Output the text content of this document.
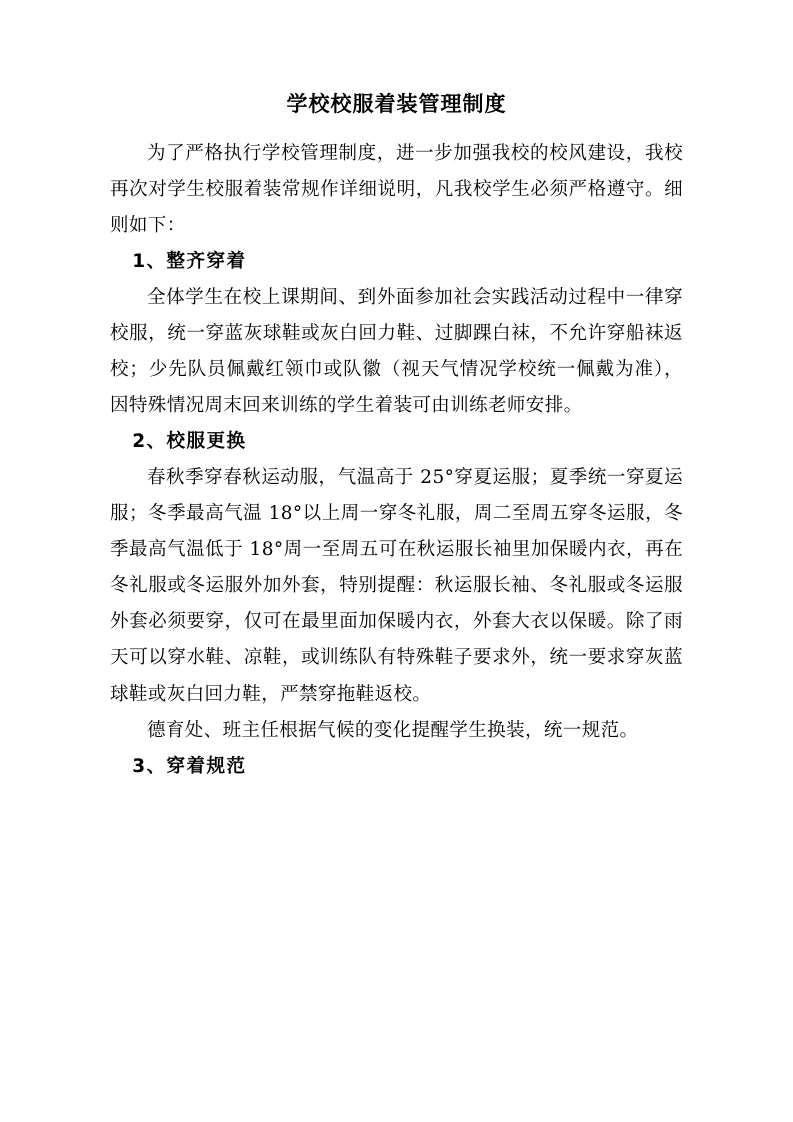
学校校服着装管理制度

为了严格执行学校管理制度，进一步加强我校的校风建设，我校再次对学生校服着装常规作详细说明，凡我校学生必须严格遵守。细则如下：

1、整齐穿着

全体学生在校上课期间、到外面参加社会实践活动过程中一律穿校服，统一穿蓝灰球鞋或灰白回力鞋、过脚踝白袜，不允许穿船袜返校；少先队员佩戴红领巾或队徽（视天气情况学校统一佩戴为准），因特殊情况周末回来训练的学生着装可由训练老师安排。

2、校服更换

春秋季穿春秋运动服，气温高于 25°穿夏运服；夏季统一穿夏运服；冬季最高气温 18°以上周一穿冬礼服，周二至周五穿冬运服，冬季最高气温低于 18°周一至周五可在秋运服长袖里加保暖内衣，再在冬礼服或冬运服外加外套，特别提醒：秋运服长袖、冬礼服或冬运服外套必须要穿，仅可在最里面加保暖内衣，外套大衣以保暖。除了雨天可以穿水鞋、凉鞋，或训练队有特殊鞋子要求外，统一要求穿灰蓝球鞋或灰白回力鞋，严禁穿拖鞋返校。

德育处、班主任根据气候的变化提醒学生换装，统一规范。

3、穿着规范
